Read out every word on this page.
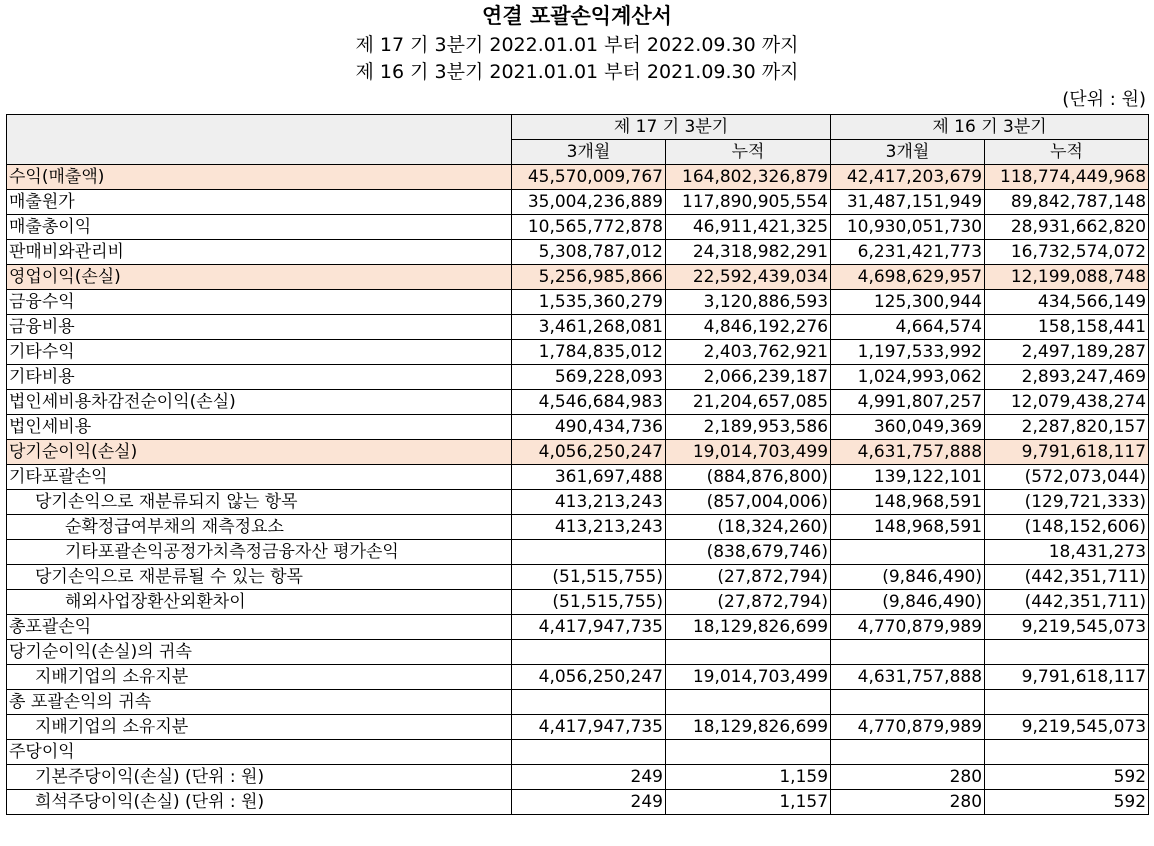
연결 포괄손익계산서
제 17 기 3분기 2022.01.01 부터 2022.09.30 까지
제 16 기 3분기 2021.01.01 부터 2021.09.30 까지
(단위 : 원)
	제 17 기 3분기		제 16 기 3분기	
	3개월	누적	3개월	누적
수익(매출액)	45,570,009,767	164,802,326,879	42,417,203,679	118,774,449,968
매출원가	35,004,236,889	117,890,905,554	31,487,151,949	89,842,787,148
매출총이익	10,565,772,878	46,911,421,325	10,930,051,730	28,931,662,820
판매비와관리비	5,308,787,012	24,318,982,291	6,231,421,773	16,732,574,072
영업이익(손실)	5,256,985,866	22,592,439,034	4,698,629,957	12,199,088,748
금융수익	1,535,360,279	3,120,886,593	125,300,944	434,566,149
금융비용	3,461,268,081	4,846,192,276	4,664,574	158,158,441
기타수익	1,784,835,012	2,403,762,921	1,197,533,992	2,497,189,287
기타비용	569,228,093	2,066,239,187	1,024,993,062	2,893,247,469
법인세비용차감전순이익(손실)	4,546,684,983	21,204,657,085	4,991,807,257	12,079,438,274
법인세비용	490,434,736	2,189,953,586	360,049,369	2,287,820,157
당기순이익(손실)	4,056,250,247	19,014,703,499	4,631,757,888	9,791,618,117
기타포괄손익	361,697,488	(884,876,800)	139,122,101	(572,073,044)
당기손익으로 재분류되지 않는 항목	413,213,243	(857,004,006)	148,968,591	(129,721,333)
순확정급여부채의 재측정요소	413,213,243	(18,324,260)	148,968,591	(148,152,606)
기타포괄손익공정가치측정금융자산 평가손익		(838,679,746)		18,431,273
당기손익으로 재분류될 수 있는 항목	(51,515,755)	(27,872,794)	(9,846,490)	(442,351,711)
해외사업장환산외환차이	(51,515,755)	(27,872,794)	(9,846,490)	(442,351,711)
총포괄손익	4,417,947,735	18,129,826,699	4,770,879,989	9,219,545,073
당기순이익(손실)의 귀속				
지배기업의 소유지분	4,056,250,247	19,014,703,499	4,631,757,888	9,791,618,117
총 포괄손익의 귀속				
지배기업의 소유지분	4,417,947,735	18,129,826,699	4,770,879,989	9,219,545,073
주당이익				
기본주당이익(손실) (단위 : 원)	249	1,159	280	592
희석주당이익(손실) (단위 : 원)	249	1,157	280	592
